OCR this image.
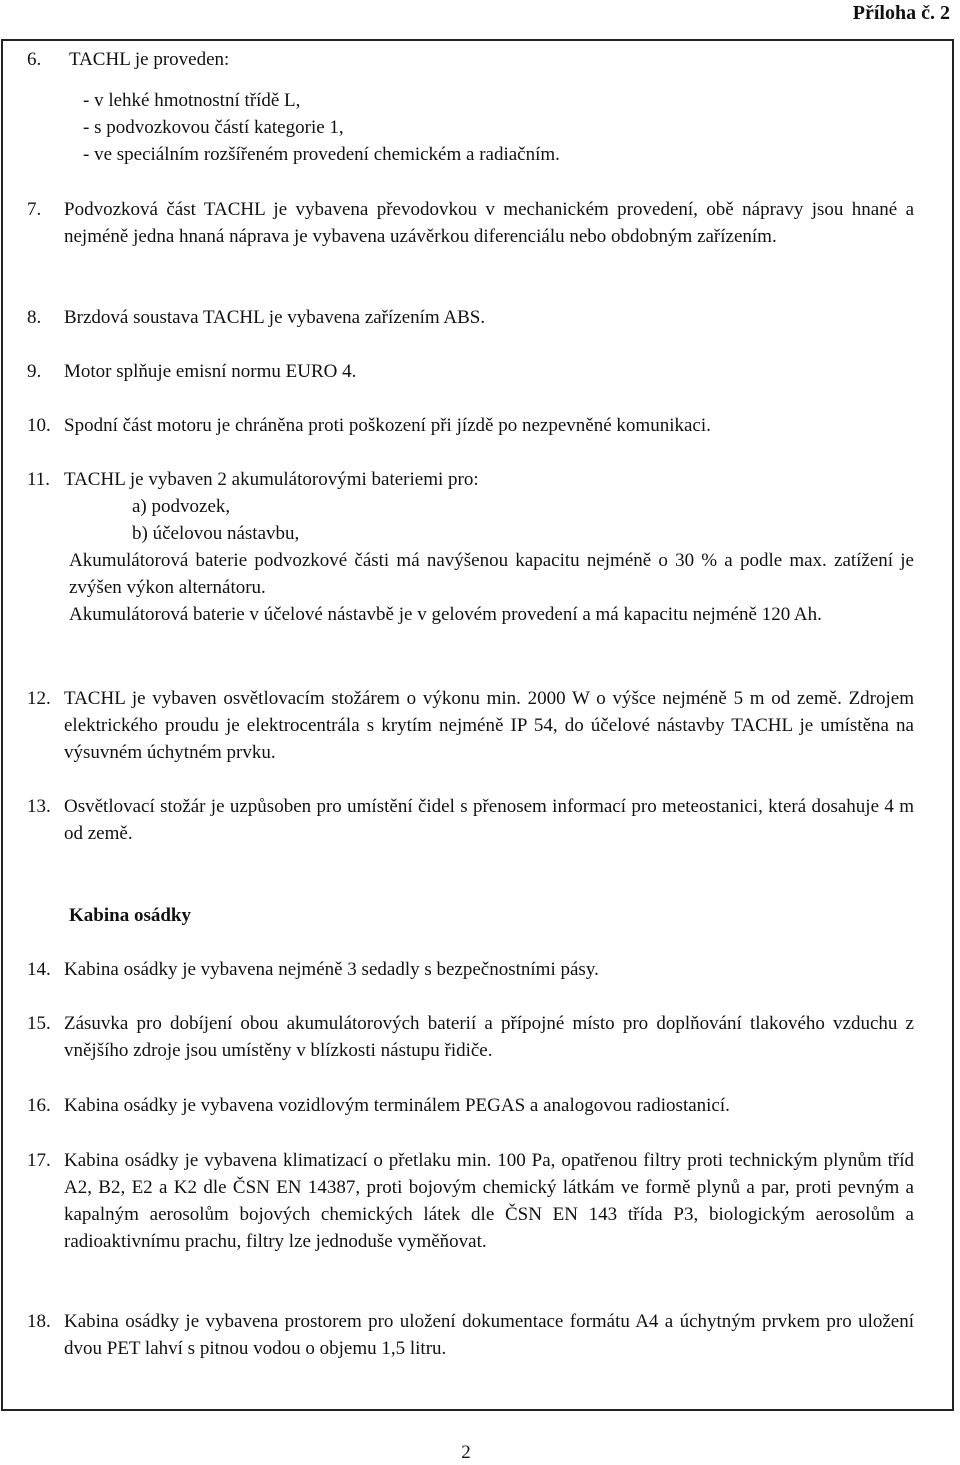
Příloha č. 2
6.	TACHL je proveden:
- v lehké hmotnostní třídě L,
- s podvozkovou částí kategorie 1,
- ve speciálním rozšířeném provedení chemickém a radiačním.
7.	Podvozková část TACHL je vybavena převodovkou v mechanickém provedení, obě nápravy jsou hnané a nejméně jedna hnaná náprava je vybavena uzávěrkou diferenciálu nebo obdobným zařízením.
8.	Brzdová soustava TACHL je vybavena zařízením ABS.
9.	Motor splňuje emisní normu EURO 4.
10. Spodní část motoru je chráněna proti poškození při jízdě po nezpevněné komunikaci.
11. TACHL je vybaven 2 akumulátorovými bateriemi pro:
a) podvozek,
b) účelovou nástavbu,
Akumulátorová baterie podvozkové části má navýšenou kapacitu nejméně o 30 % a podle max. zatížení je zvýšen výkon alternátoru.
Akumulátorová baterie v účelové nástavbě je v gelovém provedení a má kapacitu nejméně 120 Ah.
12. TACHL je vybaven osvětlovacím stožárem o výkonu min. 2000 W o výšce nejméně 5 m od země. Zdrojem elektrického proudu je elektrocentrála s krytím nejméně IP 54, do účelové nástavby TACHL je umístěna na výsuvném úchytném prvku.
13. Osvětlovací stožár je uzpůsoben pro umístění čidel s přenosem informací pro meteostanici, která dosahuje 4 m od země.
Kabina osádky
14. Kabina osádky je vybavena nejméně 3 sedadly s bezpečnostními pásy.
15. Zásuvka pro dobíjení obou akumulátorových baterií a přípojné místo pro doplňování tlakového vzduchu z vnějšího zdroje jsou umístěny v blízkosti nástupu řidiče.
16. Kabina osádky je vybavena vozidlovým terminálem PEGAS a analogovou radiostanicí.
17. Kabina osádky je vybavena klimatizací o přetlaku min. 100 Pa, opatřenou filtry proti technickým plynům tříd A2, B2, E2 a K2 dle ČSN EN 14387, proti bojovým chemický látkám ve formě plynů a par, proti pevným a kapalným aerosolům bojových chemických látek dle ČSN EN 143 třída P3, biologickým aerosolům a radioaktivnímu prachu, filtry lze jednoduše vyměňovat.
18. Kabina osádky je vybavena prostorem pro uložení dokumentace formátu A4 a úchytným prvkem pro uložení dvou PET lahví s pitnou vodou o objemu 1,5 litru.
2
